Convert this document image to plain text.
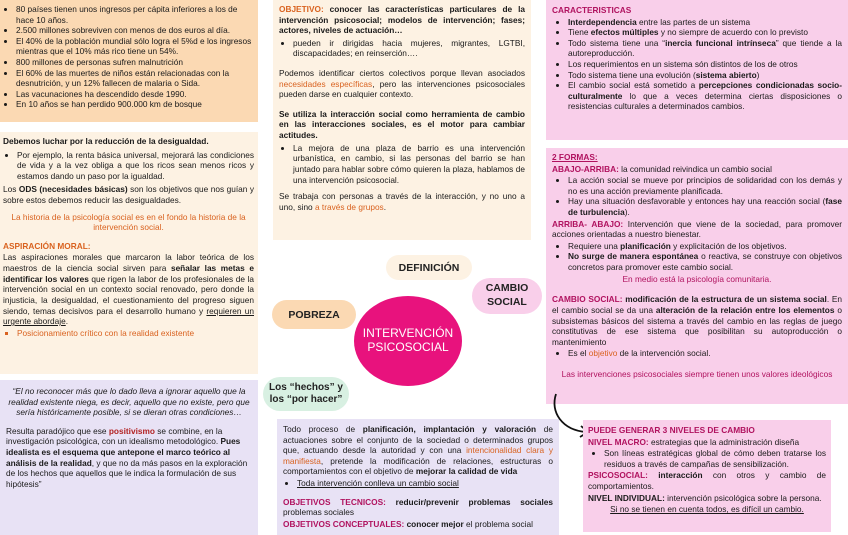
• 80 países tienen unos ingresos per cápita inferiores a los de hace 10 años.
• 2.500 millones sobreviven con menos de dos euros al día.
• El 40% de la población mundial sólo logra el 5%d e los ingresos mientras que el 10% más rico tiene un 54%.
• 800 millones de personas sufren malnutrición
• El 60% de las muertes de niños están relacionadas con la desnutrición, y un 12% fallecen de malaria o Sida.
• Las vacunaciones ha descendido desde 1990.
• En 10 años se han perdido 900.000 km de bosque

Debemos luchar por la reducción de la desigualdad.

• Por ejemplo, la renta básica universal, mejorará las condiciones de vida y a la vez obliga a que los ricos sean menos ricos y estamos dando un paso por la igualdad.

Los ODS (necesidades básicas) son los objetivos que nos guían y sobre estos debemos reducir las desigualdades.

La historia de la psicología social es en el fondo la historia de la intervención social.

ASPIRACIÓN MORAL:

Las aspiraciones morales que marcaron la labor teórica de los maestros de la ciencia social sirven para señalar las metas e identificar los valores que rigen la labor de los profesionales de la intervención social en un contexto social renovado, pero donde la injusticia, la desigualdad, el cuestionamiento del progreso siguen siendo, temas decisivos para el desarrollo humano y requieren un urgente abordaje.

▪ Posicionamiento crítico con la realidad existente

“El no reconocer más que lo dado lleva a ignorar aquello que la realidad existente niega, es decir, aquello que no existe, pero que sería históricamente posible, si se dieran otras condiciones…

Resulta paradójico que ese positivismo se combine, en la investigación psicológica, con un idealismo metodológico. Pues idealista es el esquema que antepone el marco teórico al análisis de la realidad, y que no da más pasos en la exploración de los hechos que aquellos que le indica la formulación de sus hipótesis”

OBJETIVO: conocer las características particulares de la intervención psicosocial; modelos de intervención; fases; actores, niveles de actuación…

• pueden ir dirigidas hacia mujeres, migrantes, LGTBI, discapacidades; en reinserción….

Podemos identificar ciertos colectivos porque llevan asociados necesidades específicas, pero las intervenciones psicosociales pueden darse en cualquier contexto.

Se utiliza la interacción social como herramienta de cambio en las interacciones sociales, es el motor para cambiar actitudes.

• La mejora de una plaza de barrio es una intervención urbanística, en cambio, si las personas del barrio se han juntado para hablar sobre cómo quieren la plaza, hablamos de una intervención psicosocial.

Se trabaja con personas a través de la interacción, y no uno a uno, sino a través de grupos.

DEFINICIÓN
CAMBIO SOCIAL
POBREZA
INTERVENCIÓN PSICOSOCIAL
Los “hechos” y los “por hacer”

Todo proceso de planificación, implantación y valoración de actuaciones sobre el conjunto de la sociedad o determinados grupos que, actuando desde la autoridad y con una intencionalidad clara y manifiesta, pretende la modificación de relaciones, estructuras o comportamientos con el objetivo de mejorar la calidad de vida

• Toda intervención conlleva un cambio social

OBJETIVOS TECNICOS: reducir/prevenir problemas sociales problemas sociales

OBJETIVOS CONCEPTUALES: conocer mejor el problema social

CARACTERISTICAS

• Interdependencia entre las partes de un sistema
• Tiene efectos múltiples y no siempre de acuerdo con lo previsto
• Todo sistema tiene una “inercia funcional intrínseca” que tiende a la autoreproducción.
• Los requerimientos en un sistema són distintos de los de otros
• Todo sistema tiene una evolución (sistema abierto)
• El cambio social está sometido a percepciones condicionadas socio-culturalmente lo que a veces determina ciertas disposiciones o resistencias culturales a determinados cambios.

2 FORMAS:

ABAJO-ARRIBA: la comunidad reivindica un cambio social

• La acción social se mueve por principios de solidaridad con los demás y no es una acción previamente planificada.
• Hay una situación desfavorable y entonces hay una reacción social (fase de turbulencia).

ARRIBA- ABAJO: Intervención que viene de la sociedad, para promover acciones orientadas a nuestro bienestar.

• Requiere una planificación y explicitación de los objetivos.
• No surge de manera espontánea o reactiva, se construye con objetivos concretos para promover este cambio social.

En medio está la psicología comunitaria.

CAMBIO SOCIAL: modificación de la estructura de un sistema social. En el cambio social se da una alteración de la relación entre los elementos o subsistemas básicos del sistema a través del cambio en las reglas de juego constitutivas de ese sistema que posibilitan su autoproducción o mantenimiento

• Es el objetivo de la intervención social.

Las intervenciones psicosociales siempre tienen unos valores ideológicos

PUEDE GENERAR 3 NIVELES DE CAMBIO

NIVEL MACRO: estrategias que la administración diseña

• Son líneas estratégicas global de cómo deben tratarse los residuos a través de campañas de sensibilización.

PSICOSOCIAL: interacción con otros y cambio de comportamientos.

NIVEL INDIVIDUAL: intervención psicológica sobre la persona.

Si no se tienen en cuenta todos, es difícil un cambio.
